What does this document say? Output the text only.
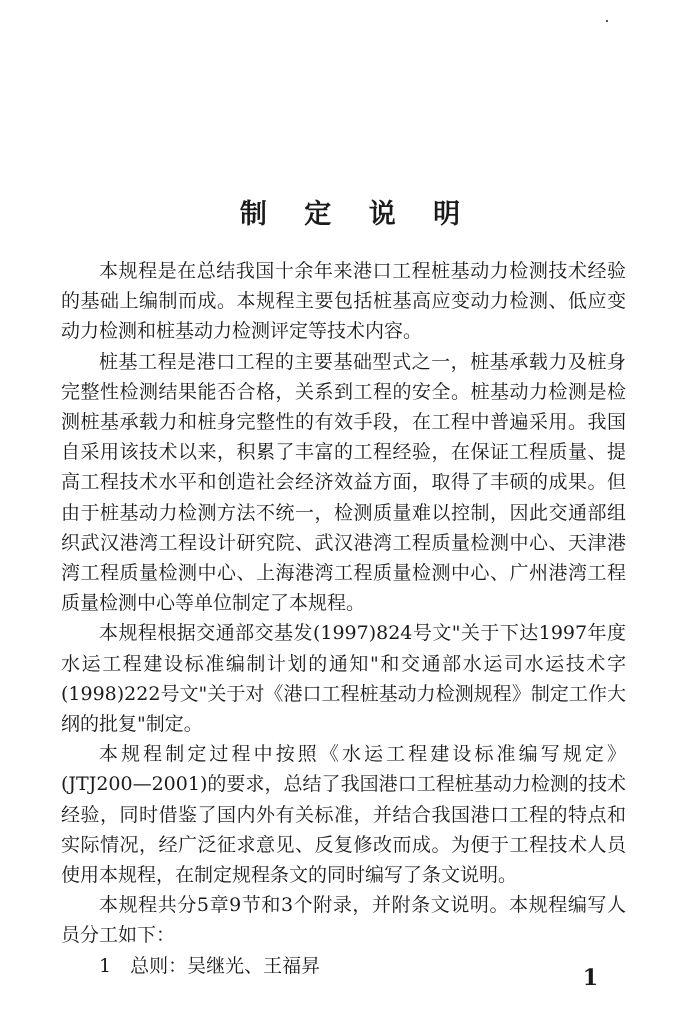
制 定 说 明

本规程是在总结我国十余年来港口工程桩基动力检测技术经验的基础上编制而成。本规程主要包括桩基高应变动力检测、低应变动力检测和桩基动力检测评定等技术内容。

桩基工程是港口工程的主要基础型式之一，桩基承载力及桩身完整性检测结果能否合格，关系到工程的安全。桩基动力检测是检测桩基承载力和桩身完整性的有效手段，在工程中普遍采用。我国自采用该技术以来，积累了丰富的工程经验，在保证工程质量、提高工程技术水平和创造社会经济效益方面，取得了丰硕的成果。但由于桩基动力检测方法不统一，检测质量难以控制，因此交通部组织武汉港湾工程设计研究院、武汉港湾工程质量检测中心、天津港湾工程质量检测中心、上海港湾工程质量检测中心、广州港湾工程质量检测中心等单位制定了本规程。

本规程根据交通部交基发(1997)824号文"关于下达1997年度水运工程建设标准编制计划的通知"和交通部水运司水运技术字(1998)222号文"关于对《港口工程桩基动力检测规程》制定工作大纲的批复"制定。

本规程制定过程中按照《水运工程建设标准编写规定》(JTJ200—2001)的要求，总结了我国港口工程桩基动力检测的技术经验，同时借鉴了国内外有关标准，并结合我国港口工程的特点和实际情况，经广泛征求意见、反复修改而成。为便于工程技术人员使用本规程，在制定规程条文的同时编写了条文说明。

本规程共分5章9节和3个附录，并附条文说明。本规程编写人员分工如下：

1　总则：吴继光、王福昇	1
